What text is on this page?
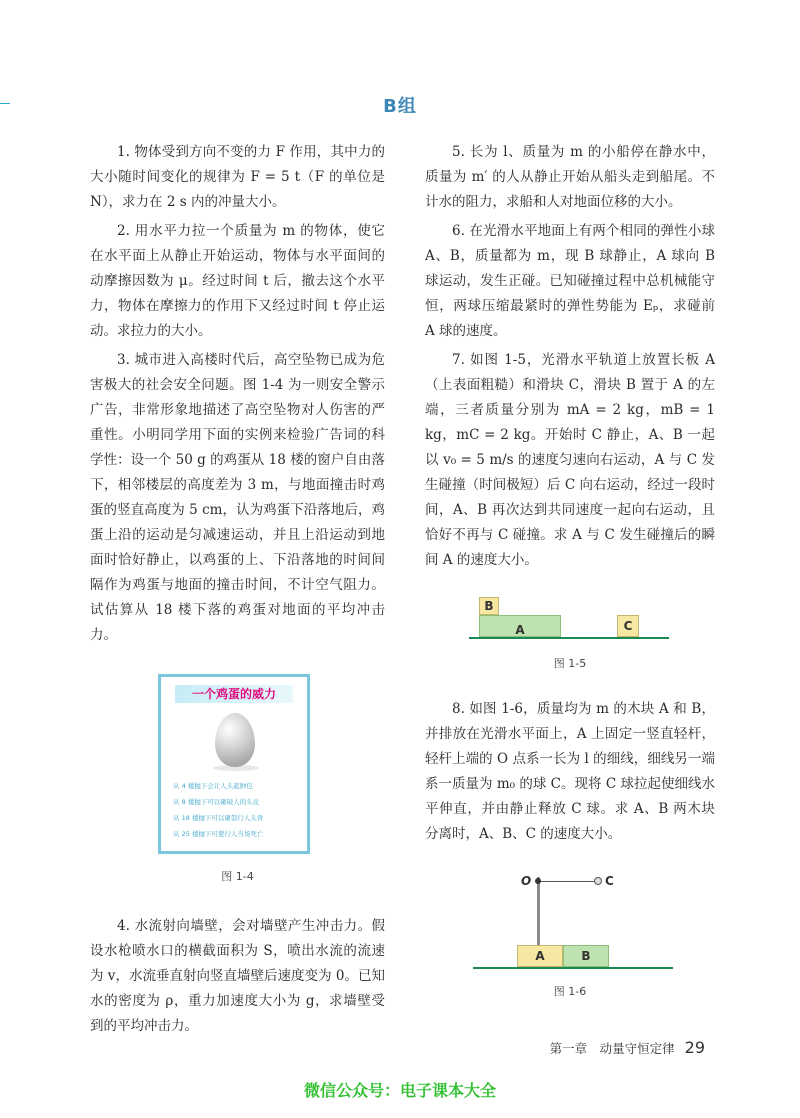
B组

1. 物体受到方向不变的力 F 作用，其中力的大小随时间变化的规律为 F = 5 t（F 的单位是 N），求力在 2 s 内的冲量大小。

2. 用水平力拉一个质量为 m 的物体，使它在水平面上从静止开始运动，物体与水平面间的动摩擦因数为 μ。经过时间 t 后，撤去这个水平力，物体在摩擦力的作用下又经过时间 t 停止运动。求拉力的大小。

3. 城市进入高楼时代后，高空坠物已成为危害极大的社会安全问题。图 1-4 为一则安全警示广告，非常形象地描述了高空坠物对人伤害的严重性。小明同学用下面的实例来检验广告词的科学性：设一个 50 g 的鸡蛋从 18 楼的窗户自由落下，相邻楼层的高度差为 3 m，与地面撞击时鸡蛋的竖直高度为 5 cm，认为鸡蛋下沿落地后，鸡蛋上沿的运动是匀减速运动，并且上沿运动到地面时恰好静止，以鸡蛋的上、下沿落地的时间间隔作为鸡蛋与地面的撞击时间，不计空气阻力。试估算从 18 楼下落的鸡蛋对地面的平均冲击力。

一个鸡蛋的威力
从 4 楼抛下会让人头起肿包
从 8 楼抛下可以砸破人的头皮
从 18 楼抛下可以砸裂行人头骨
从 25 楼抛下可使行人当场死亡
图 1-4

4. 水流射向墙壁，会对墙壁产生冲击力。假设水枪喷水口的横截面积为 S，喷出水流的流速为 v，水流垂直射向竖直墙壁后速度变为 0。已知水的密度为 ρ，重力加速度大小为 g，求墙壁受到的平均冲击力。

5. 长为 l、质量为 m 的小船停在静水中，质量为 m′ 的人从静止开始从船头走到船尾。不计水的阻力，求船和人对地面位移的大小。

6. 在光滑水平地面上有两个相同的弹性小球 A、B，质量都为 m，现 B 球静止，A 球向 B 球运动，发生正碰。已知碰撞过程中总机械能守恒，两球压缩最紧时的弹性势能为 Eₚ，求碰前 A 球的速度。

7. 如图 1-5，光滑水平轨道上放置长板 A（上表面粗糙）和滑块 C，滑块 B 置于 A 的左端，三者质量分别为 mA = 2 kg，mB = 1 kg，mC = 2 kg。开始时 C 静止，A、B 一起以 v₀ = 5 m/s 的速度匀速向右运动，A 与 C 发生碰撞（时间极短）后 C 向右运动，经过一段时间，A、B 再次达到共同速度一起向右运动，且恰好不再与 C 碰撞。求 A 与 C 发生碰撞后的瞬间 A 的速度大小。

A
B
C
图 1-5

8. 如图 1-6，质量均为 m 的木块 A 和 B，并排放在光滑水平面上，A 上固定一竖直轻杆，轻杆上端的 O 点系一长为 l 的细线，细线另一端系一质量为 m₀ 的球 C。现将 C 球拉起使细线水平伸直，并由静止释放 C 球。求 A、B 两木块分离时，A、B、C 的速度大小。

O	C
A	B
图 1-6
第一章　动量守恒定律 29
微信公众号：电子课本大全
